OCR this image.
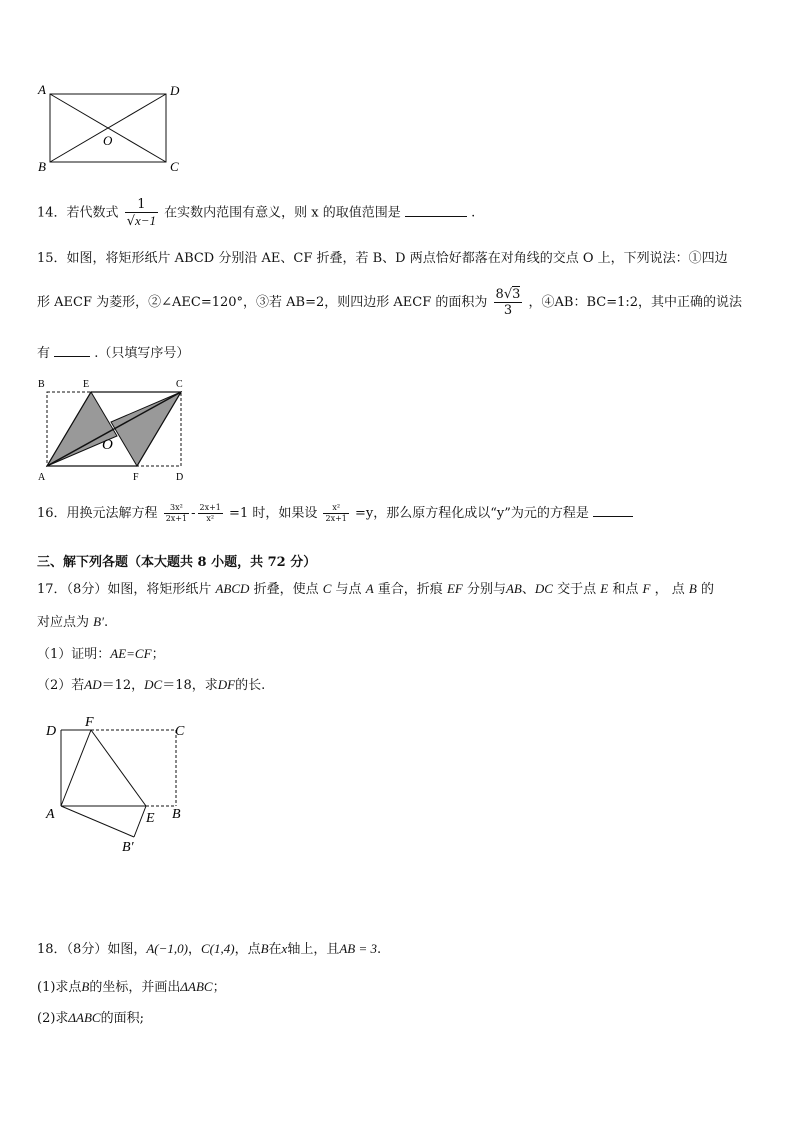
A	D
B	C
O
14．若代数式 $\frac{1}{√x-1}$ 在实数内范围有意义，则 x 的取值范围是	.
15．如图，将矩形纸片 ABCD 分别沿 AE、CF 折叠，若 B、D 两点恰好都落在对角线的交点 O 上，下列说法：①四边
形 AECF 为菱形，②∠AEC=120°，③若 AB=2，则四边形 AECF 的面积为 $\frac{8√3}{3}$ ，④AB：BC=1:2，其中正确的说法
有	.（只填写序号）
B	E	C
A	F	D
O
16．用换元法解方程 $\frac{\text{3x²}}{2x+1} - \frac{2x+1}{\text{x²}} =1$ 时，如果设 $\frac{\text{x²}}{2x+1} =y$，那么原方程化成以“y”为元的方程是
三、解下列各题（本大题共 8 小题，共 72 分）
17．（8分）如图，将矩形纸片 ABCD 折叠，使点 C 与点 A 重合，折痕 EF 分别与AB、DC 交于点 E 和点 F ， 点 B 的
对应点为 B′.
（1）证明：AE=CF；
（2）若AD＝12，DC＝18，求DF的长.
D
F
C
A	E B
B′
18．（8分）如图，A(−1,0)，C(1,4)，点B在x轴上，且AB = 3.
(1)求点B的坐标，并画出ΔABC；
(2)求ΔABC的面积;
